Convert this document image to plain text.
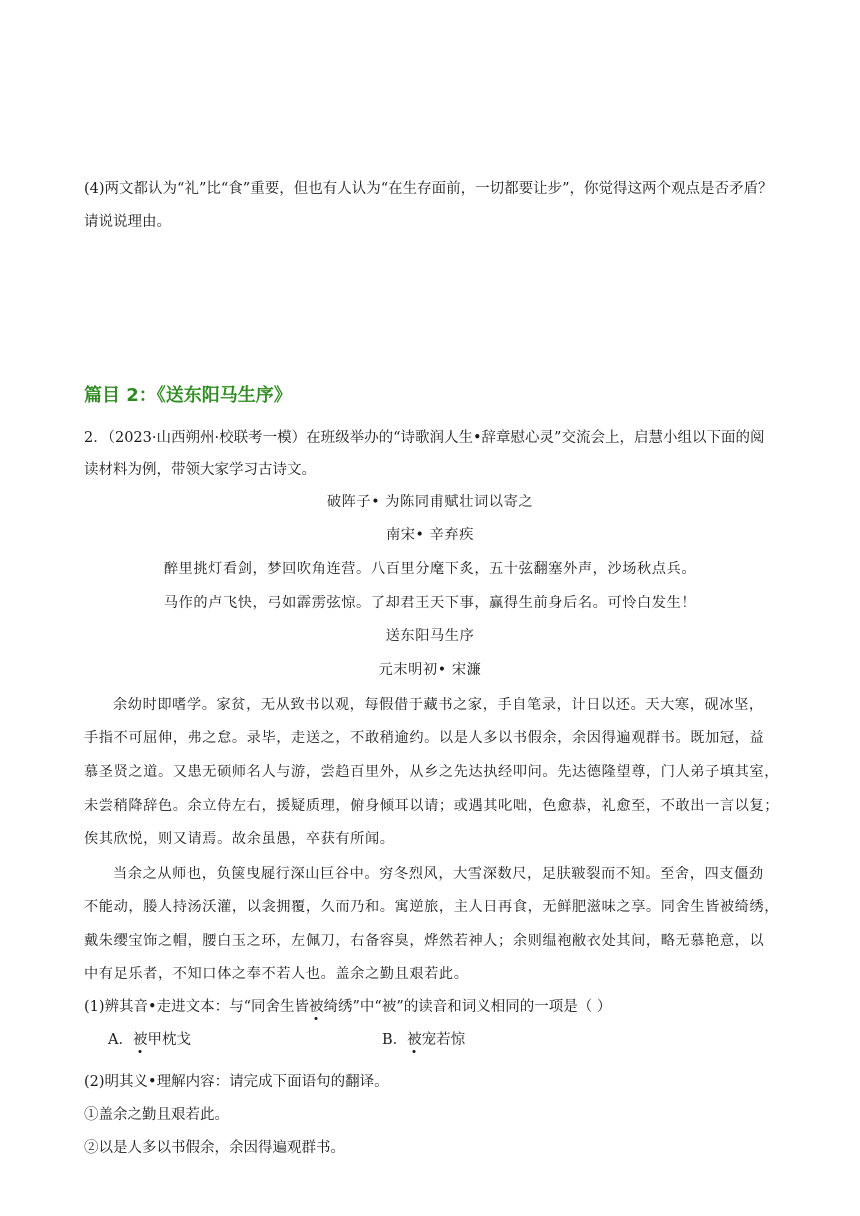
(4)两文都认为“礼”比“食”重要，但也有人认为“在生存面前，一切都要让步”，你觉得这两个观点是否矛盾？
请说说理由。
篇目 2：《送东阳马生序》
2．（2023·山西朔州·校联考一模）在班级举办的“诗歌润人生•辞章慰心灵”交流会上，启慧小组以下面的阅
读材料为例，带领大家学习古诗文。
破阵子• 为陈同甫赋壮词以寄之
南宋• 辛弃疾
醉里挑灯看剑，梦回吹角连营。八百里分麾下炙，五十弦翻塞外声，沙场秋点兵。
马作的卢飞快，弓如霹雳弦惊。了却君王天下事，赢得生前身后名。可怜白发生！
送东阳马生序
元末明初• 宋濂
余幼时即嗜学。家贫，无从致书以观，每假借于藏书之家，手自笔录，计日以还。天大寒，砚冰坚，
手指不可屈伸，弗之怠。录毕，走送之，不敢稍逾约。以是人多以书假余，余因得遍观群书。既加冠，益
慕圣贤之道。又患无硕师名人与游，尝趋百里外，从乡之先达执经叩问。先达德隆望尊，门人弟子填其室，
未尝稍降辞色。余立侍左右，援疑质理，俯身倾耳以请；或遇其叱咄，色愈恭，礼愈至，不敢出一言以复；
俟其欣悦，则又请焉。故余虽愚，卒获有所闻。
当余之从师也，负箧曳屣行深山巨谷中。穷冬烈风，大雪深数尺，足肤皲裂而不知。至舍，四支僵劲
不能动，媵人持汤沃灌，以衾拥覆，久而乃和。寓逆旅，主人日再食，无鲜肥滋味之享。同舍生皆被绮绣，
戴朱缨宝饰之帽，腰白玉之环，左佩刀，右备容臭，烨然若神人；余则缊袍敝衣处其间，略无慕艳意，以
中有足乐者，不知口体之奉不若人也。盖余之勤且艰若此。
(1)辨其音•走进文本：与“同舍生皆被绮绣”中“被”的读音和词义相同的一项是（ ）
A．被甲枕戈	B．被宠若惊
(2)明其义•理解内容：请完成下面语句的翻译。
①盖余之勤且艰若此。
②以是人多以书假余，余因得遍观群书。
